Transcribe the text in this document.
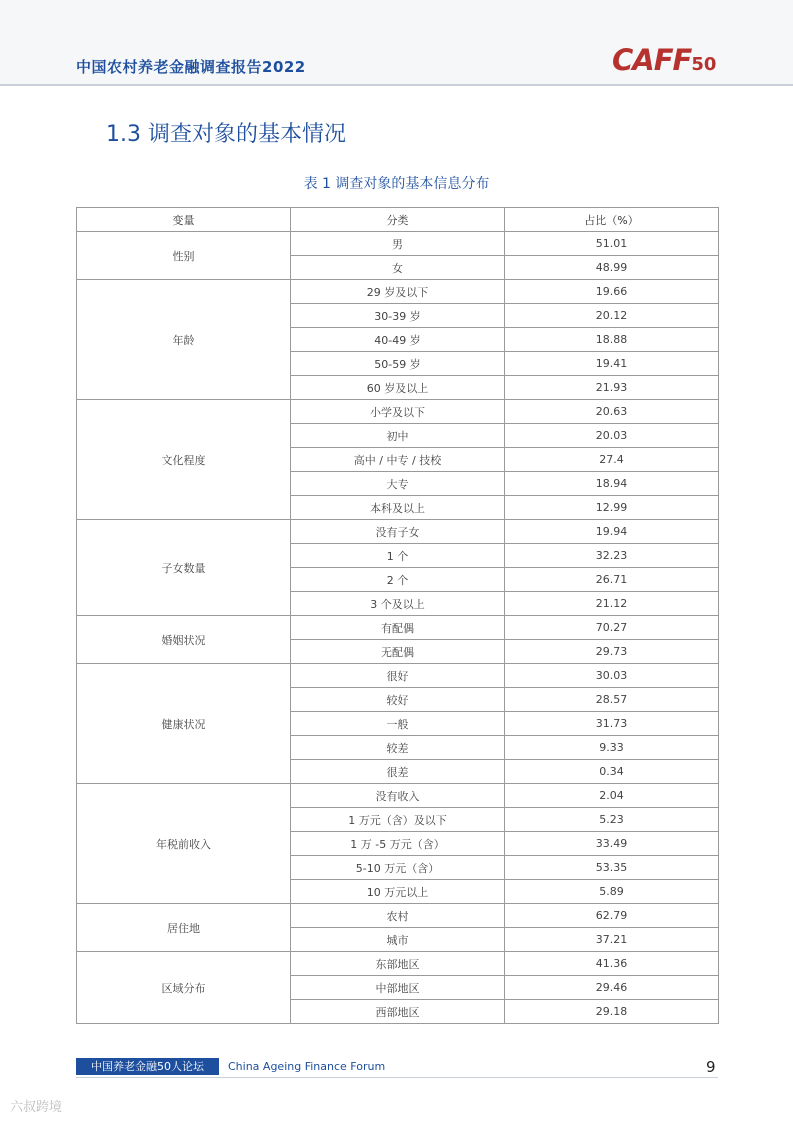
中国农村养老金融调查报告2022	CAFF50
1.3 调查对象的基本情况
表 1 调查对象的基本信息分布
变量	分类	占比（%）
性别	男	51.01
	女	48.99
年龄	29 岁及以下	19.66
	30-39 岁	20.12
	40-49 岁	18.88
	50-59 岁	19.41
	60 岁及以上	21.93
文化程度	小学及以下	20.63
	初中	20.03
	高中 / 中专 / 技校	27.4
	大专	18.94
	本科及以上	12.99
子女数量	没有子女	19.94
	1 个	32.23
	2 个	26.71
	3 个及以上	21.12
婚姻状况	有配偶	70.27
	无配偶	29.73
健康状况	很好	30.03
	较好	28.57
	一般	31.73
	较差	9.33
	很差	0.34
年税前收入	没有收入	2.04
	1 万元（含）及以下	5.23
	1 万 -5 万元（含）	33.49
	5-10 万元（含）	53.35
	10 万元以上	5.89
居住地	农村	62.79
	城市	37.21
区域分布	东部地区	41.36
	中部地区	29.46
	西部地区	29.18
中国养老金融50人论坛	China Ageing Finance Forum	9
六叔跨境
